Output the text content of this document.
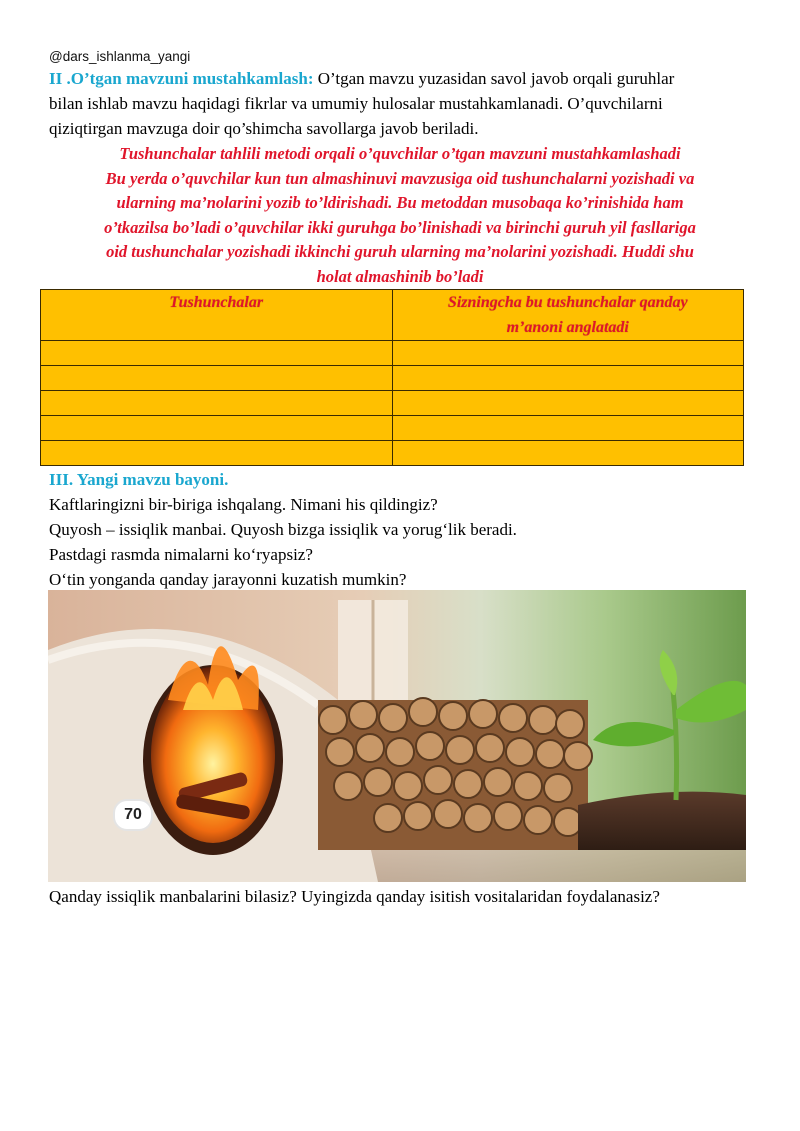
@dars_ishlanma_yangi
II .O’tgan mavzuni mustahkamlash: O’tgan mavzu yuzasidan savol javob orqali guruhlar
bilan ishlab mavzu haqidagi fikrlar va umumiy hulosalar mustahkamlanadi. O’quvchilarni
qiziqtirgan mavzuga doir qo’shimcha savollarga javob beriladi.
Tushunchalar tahlili metodi orqali o’quvchilar o’tgan mavzuni mustahkamlashadi
Bu yerda o’quvchilar kun tun almashinuvi mavzusiga oid tushunchalarni yozishadi va
ularning ma’nolarini yozib to’ldirishadi. Bu metoddan musobaqa ko’rinishida ham
o’tkazilsa bo’ladi o’quvchilar ikki guruhga bo’linishadi va birinchi guruh yil fasllariga
oid tushunchalar yozishadi ikkinchi guruh ularning ma’nolarini yozishadi. Huddi shu
holat almashinib bo’ladi
Tushunchalar	Sizningcha bu tushunchalar qanday
m’anoni anglatadi

III. Yangi mavzu bayoni.
Kaftlaringizni bir-biriga ishqalang. Nimani his qildingiz?
Quyosh – issiqlik manbai. Quyosh bizga issiqlik va yorug‘lik beradi.
Pastdagi rasmda nimalarni ko‘ryapsiz?
O‘tin yonganda qanday jarayonni kuzatish mumkin?
70
Qanday issiqlik manbalarini bilasiz? Uyingizda qanday isitish vositalaridan foydalanasiz?
